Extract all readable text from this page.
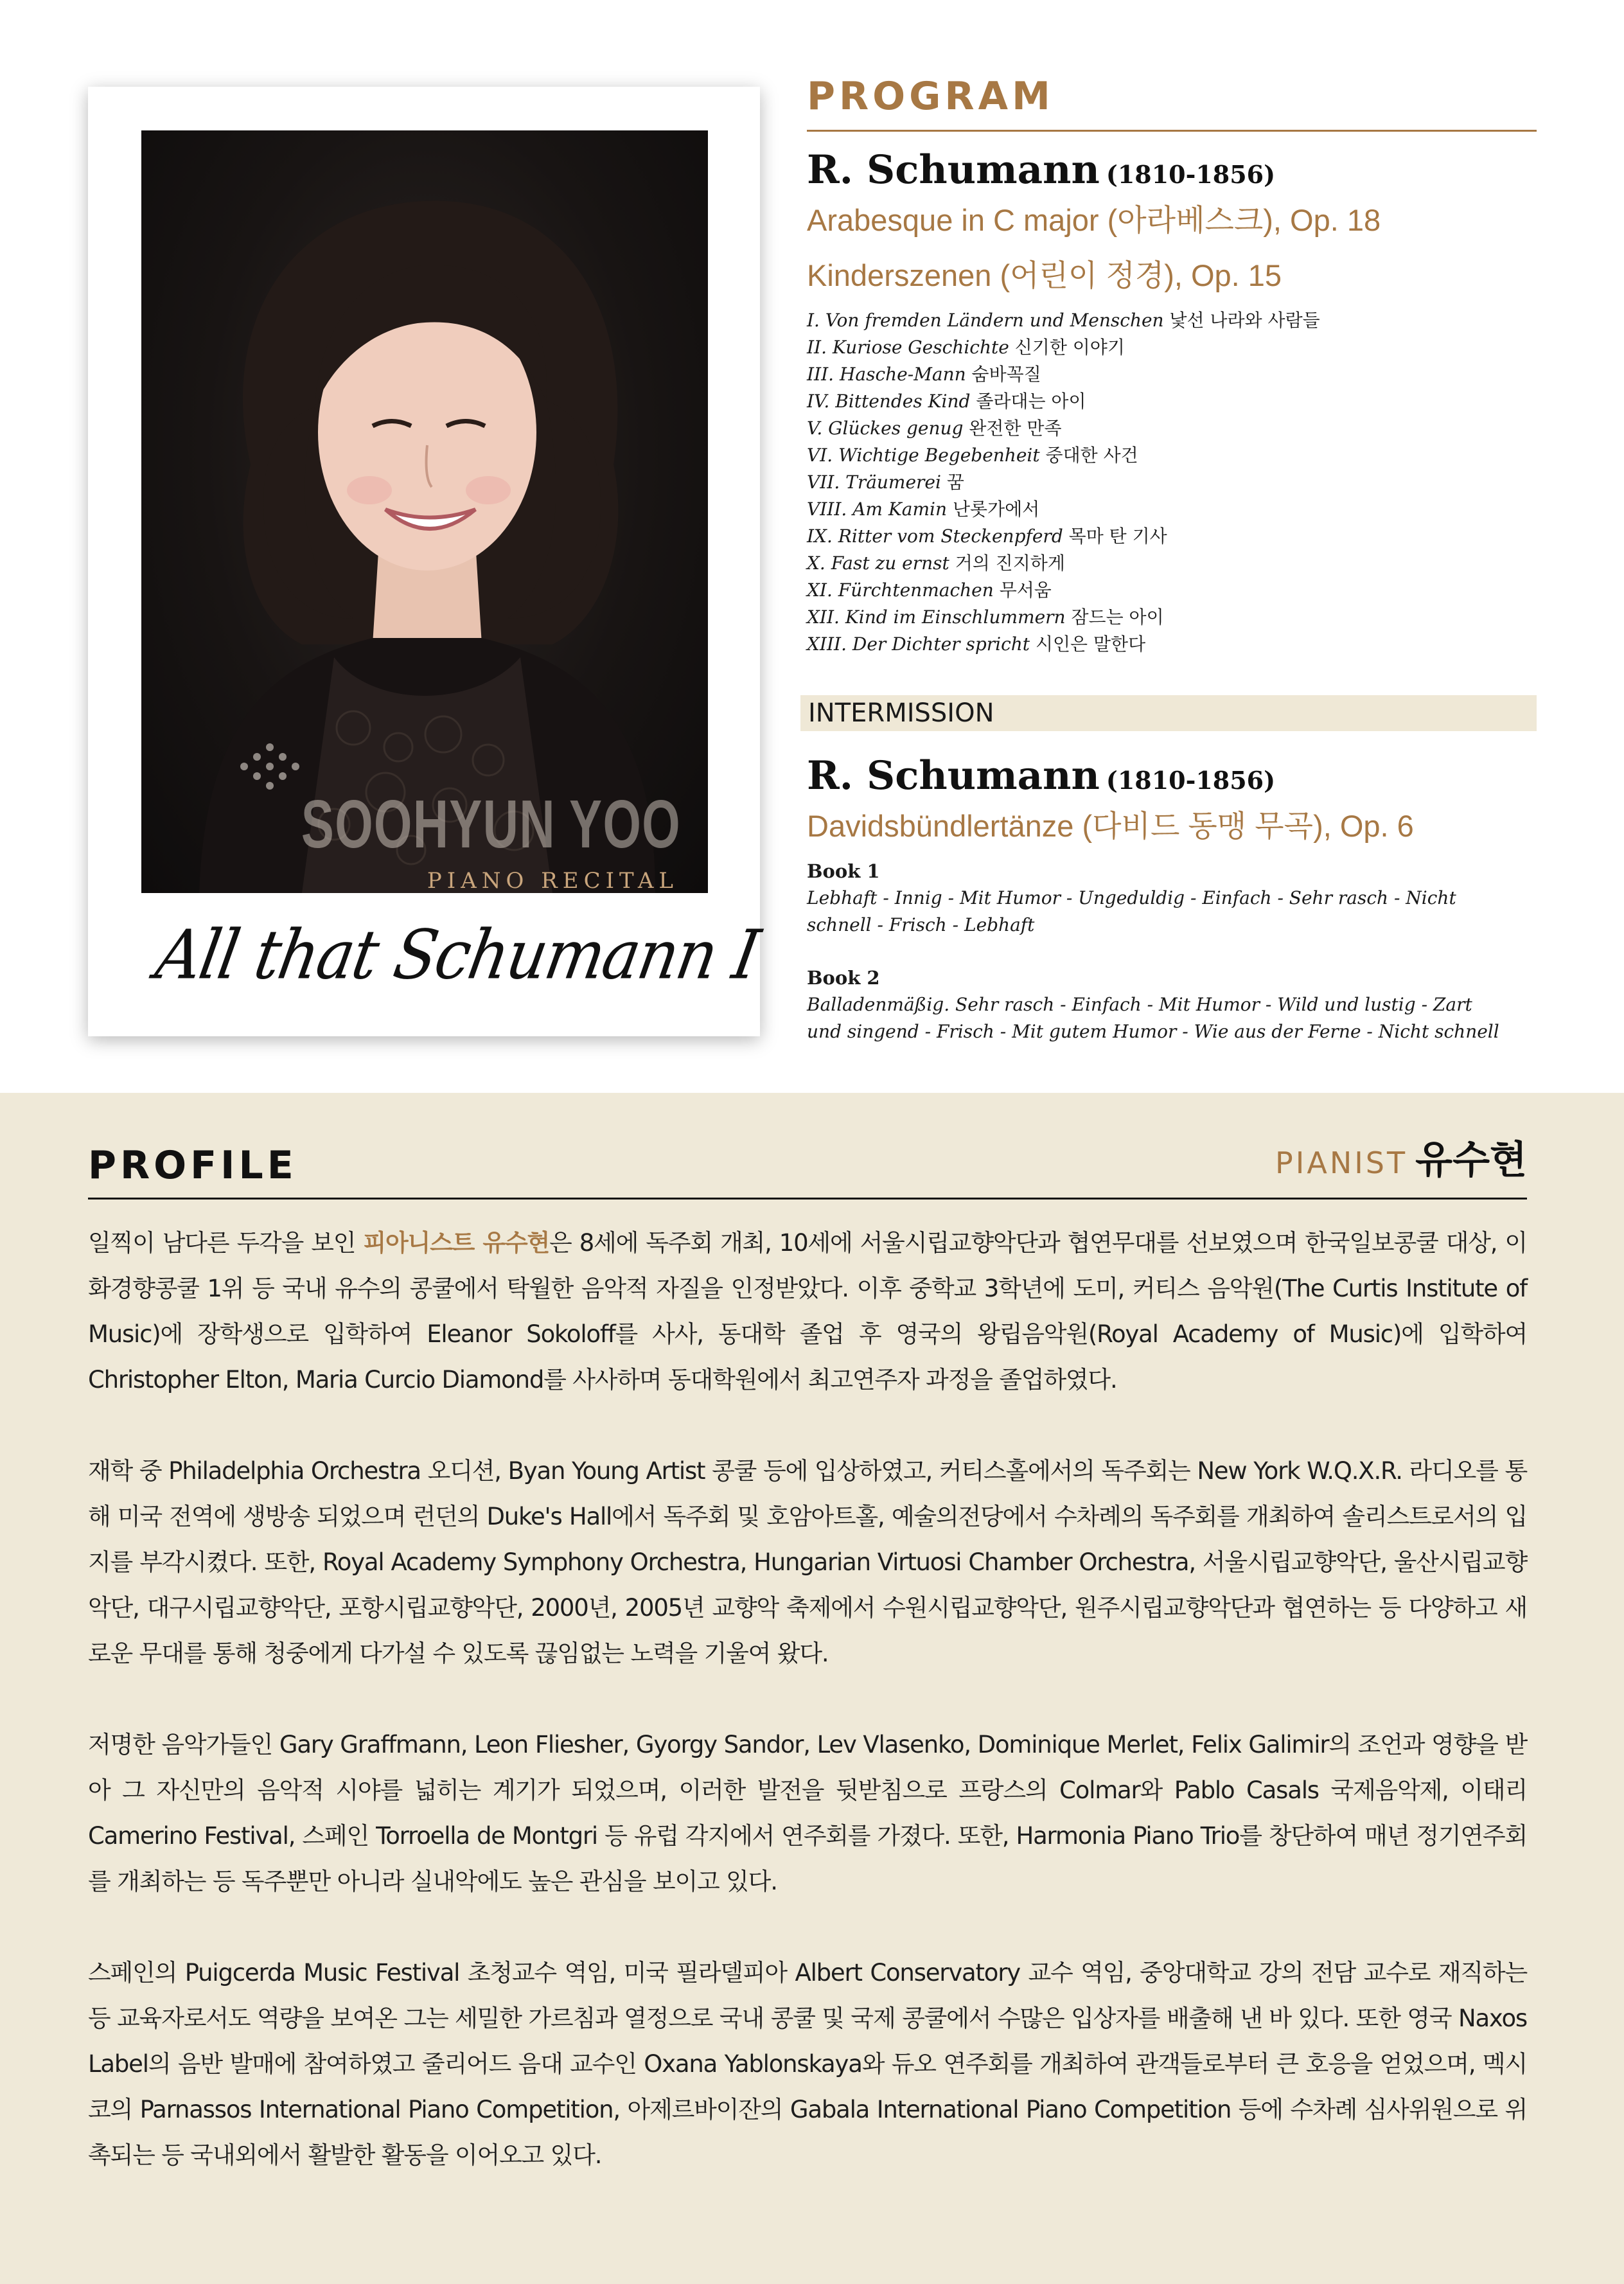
SOOHYUN YOO
PIANO RECITAL
All that Schumann I
PROGRAM
R. Schumann (1810-1856)
Arabesque in C major (아라베스크), Op. 18
Kinderszenen (어린이 정경), Op. 15
I. Von fremden Ländern und Menschen 낯선 나라와 사람들
II. Kuriose Geschichte 신기한 이야기
III. Hasche-Mann 숨바꼭질
IV. Bittendes Kind 졸라대는 아이
V. Glückes genug 완전한 만족
VI. Wichtige Begebenheit 중대한 사건
VII. Träumerei 꿈
VIII. Am Kamin 난롯가에서
IX. Ritter vom Steckenpferd 목마 탄 기사
X. Fast zu ernst 거의 진지하게
XI. Fürchtenmachen 무서움
XII. Kind im Einschlummern 잠드는 아이
XIII. Der Dichter spricht 시인은 말한다
INTERMISSION
R. Schumann (1810-1856)
Davidsbündlertänze (다비드 동맹 무곡), Op. 6
Book 1
Lebhaft - Innig - Mit Humor - Ungeduldig - Einfach - Sehr rasch - Nicht schnell - Frisch - Lebhaft
Book 2
Balladenmäßig. Sehr rasch - Einfach - Mit Humor - Wild und lustig - Zart und singend - Frisch - Mit gutem Humor - Wie aus der Ferne - Nicht schnell
PROFILE	PIANIST 유수현

일찍이 남다른 두각을 보인 피아니스트 유수현은 8세에 독주회 개최, 10세에 서울시립교향악단과 협연무대를 선보였으며 한국일보콩쿨 대상, 이화경향콩쿨 1위 등 국내 유수의 콩쿨에서 탁월한 음악적 자질을 인정받았다. 이후 중학교 3학년에 도미, 커티스 음악원(The Curtis Institute of Music)에 장학생으로 입학하여 Eleanor Sokoloff를 사사, 동대학 졸업 후 영국의 왕립음악원(Royal Academy of Music)에 입학하여 Christopher Elton, Maria Curcio Diamond를 사사하며 동대학원에서 최고연주자 과정을 졸업하였다.

재학 중 Philadelphia Orchestra 오디션, Byan Young Artist 콩쿨 등에 입상하였고, 커티스홀에서의 독주회는 New York W.Q.X.R. 라디오를 통해 미국 전역에 생방송 되었으며 런던의 Duke's Hall에서 독주회 및 호암아트홀, 예술의전당에서 수차례의 독주회를 개최하여 솔리스트로서의 입지를 부각시켰다. 또한, Royal Academy Symphony Orchestra, Hungarian Virtuosi Chamber Orchestra, 서울시립교향악단, 울산시립교향악단, 대구시립교향악단, 포항시립교향악단, 2000년, 2005년 교향악 축제에서 수원시립교향악단, 원주시립교향악단과 협연하는 등 다양하고 새로운 무대를 통해 청중에게 다가설 수 있도록 끊임없는 노력을 기울여 왔다.

저명한 음악가들인 Gary Graffmann, Leon Fliesher, Gyorgy Sandor, Lev Vlasenko, Dominique Merlet, Felix Galimir의 조언과 영향을 받아 그 자신만의 음악적 시야를 넓히는 계기가 되었으며, 이러한 발전을 뒷받침으로 프랑스의 Colmar와 Pablo Casals 국제음악제, 이태리 Camerino Festival, 스페인 Torroella de Montgri 등 유럽 각지에서 연주회를 가졌다. 또한, Harmonia Piano Trio를 창단하여 매년 정기연주회를 개최하는 등 독주뿐만 아니라 실내악에도 높은 관심을 보이고 있다.

스페인의 Puigcerda Music Festival 초청교수 역임, 미국 필라델피아 Albert Conservatory 교수 역임, 중앙대학교 강의 전담 교수로 재직하는 등 교육자로서도 역량을 보여온 그는 세밀한 가르침과 열정으로 국내 콩쿨 및 국제 콩쿨에서 수많은 입상자를 배출해 낸 바 있다. 또한 영국 Naxos Label의 음반 발매에 참여하였고 줄리어드 음대 교수인 Oxana Yablonskaya와 듀오 연주회를 개최하여 관객들로부터 큰 호응을 얻었으며, 멕시코의 Parnassos International Piano Competition, 아제르바이잔의 Gabala International Piano Competition 등에 수차례 심사위원으로 위촉되는 등 국내외에서 활발한 활동을 이어오고 있다.
